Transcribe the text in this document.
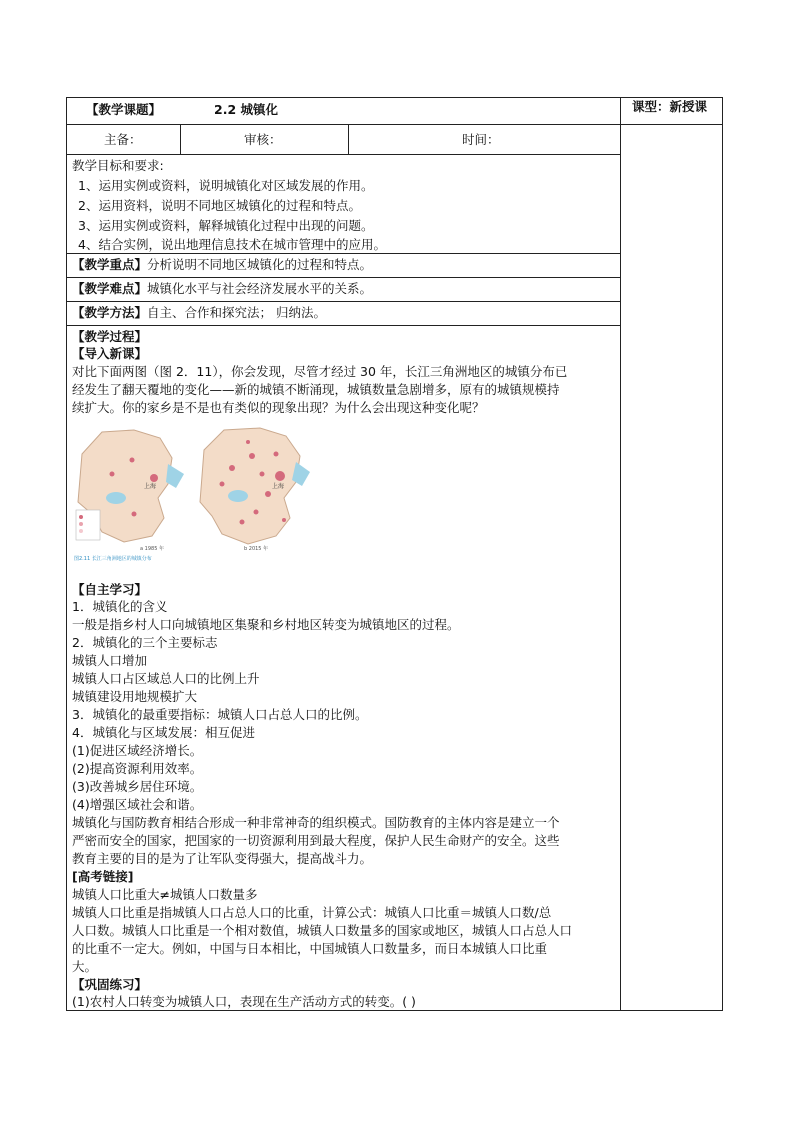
【教学课题】	2.2 城镇化	课型：新授课
主备：	审核：	时间：
教学目标和要求:
1、运用实例或资料，说明城镇化对区域发展的作用。
2、运用资料，说明不同地区城镇化的过程和特点。
3、运用实例或资料，解释城镇化过程中出现的问题。
4、结合实例，说出地理信息技术在城市管理中的应用。
【教学重点】分析说明不同地区城镇化的过程和特点。
【教学难点】城镇化水平与社会经济发展水平的关系。
【教学方法】自主、合作和探究法； 归纳法。
【教学过程】
【导入新课】
对比下面两图（图 2．11），你会发现，尽管才经过 30 年，长江三角洲地区的城镇分布已
经发生了翻天覆地的变化——新的城镇不断涌现，城镇数量急剧增多，原有的城镇规模持
续扩大。你的家乡是不是也有类似的现象出现？为什么会出现这种变化呢？
上海	上海
a 1985 年	b 2015 年
图2.11 长江三角洲地区的城镇分布
【自主学习】
1．城镇化的含义
一般是指乡村人口向城镇地区集聚和乡村地区转变为城镇地区的过程。
2．城镇化的三个主要标志
城镇人口增加
城镇人口占区域总人口的比例上升
城镇建设用地规模扩大
3．城镇化的最重要指标：城镇人口占总人口的比例。
4．城镇化与区域发展：相互促进
(1)促进区域经济增长。
(2)提高资源利用效率。
(3)改善城乡居住环境。
(4)增强区域社会和谐。
城镇化与国防教育相结合形成一种非常神奇的组织模式。国防教育的主体内容是建立一个
严密而安全的国家，把国家的一切资源利用到最大程度，保护人民生命财产的安全。这些
教育主要的目的是为了让军队变得强大，提高战斗力。
[高考链接]
城镇人口比重大≠城镇人口数量多
城镇人口比重是指城镇人口占总人口的比重，计算公式：城镇人口比重＝城镇人口数/总
人口数。城镇人口比重是一个相对数值，城镇人口数量多的国家或地区，城镇人口占总人口
的比重不一定大。例如，中国与日本相比，中国城镇人口数量多，而日本城镇人口比重
大。
【巩固练习】
(1)农村人口转变为城镇人口，表现在生产活动方式的转变。( )
